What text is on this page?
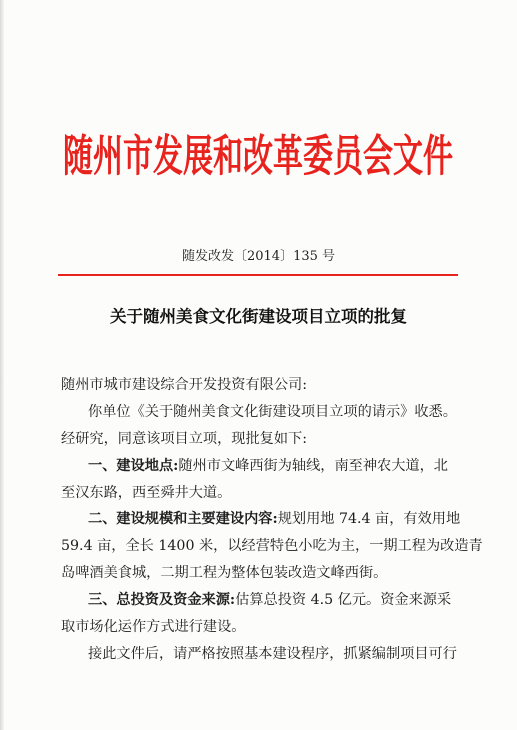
随州市发展和改革委员会文件
随发改发〔2014〕135 号
关于随州美食文化街建设项目立项的批复
随州市城市建设综合开发投资有限公司:
你单位《关于随州美食文化街建设项目立项的请示》收悉。
经研究，同意该项目立项，现批复如下:
一、建设地点:随州市文峰西街为轴线，南至神农大道，北
至汉东路，西至舜井大道。
二、建设规模和主要建设内容:规划用地 74.4 亩，有效用地
59.4 亩，全长 1400 米，以经营特色小吃为主，一期工程为改造青
岛啤酒美食城，二期工程为整体包装改造文峰西街。
三、总投资及资金来源:估算总投资 4.5 亿元。资金来源采
取市场化运作方式进行建设。
接此文件后，请严格按照基本建设程序，抓紧编制项目可行
